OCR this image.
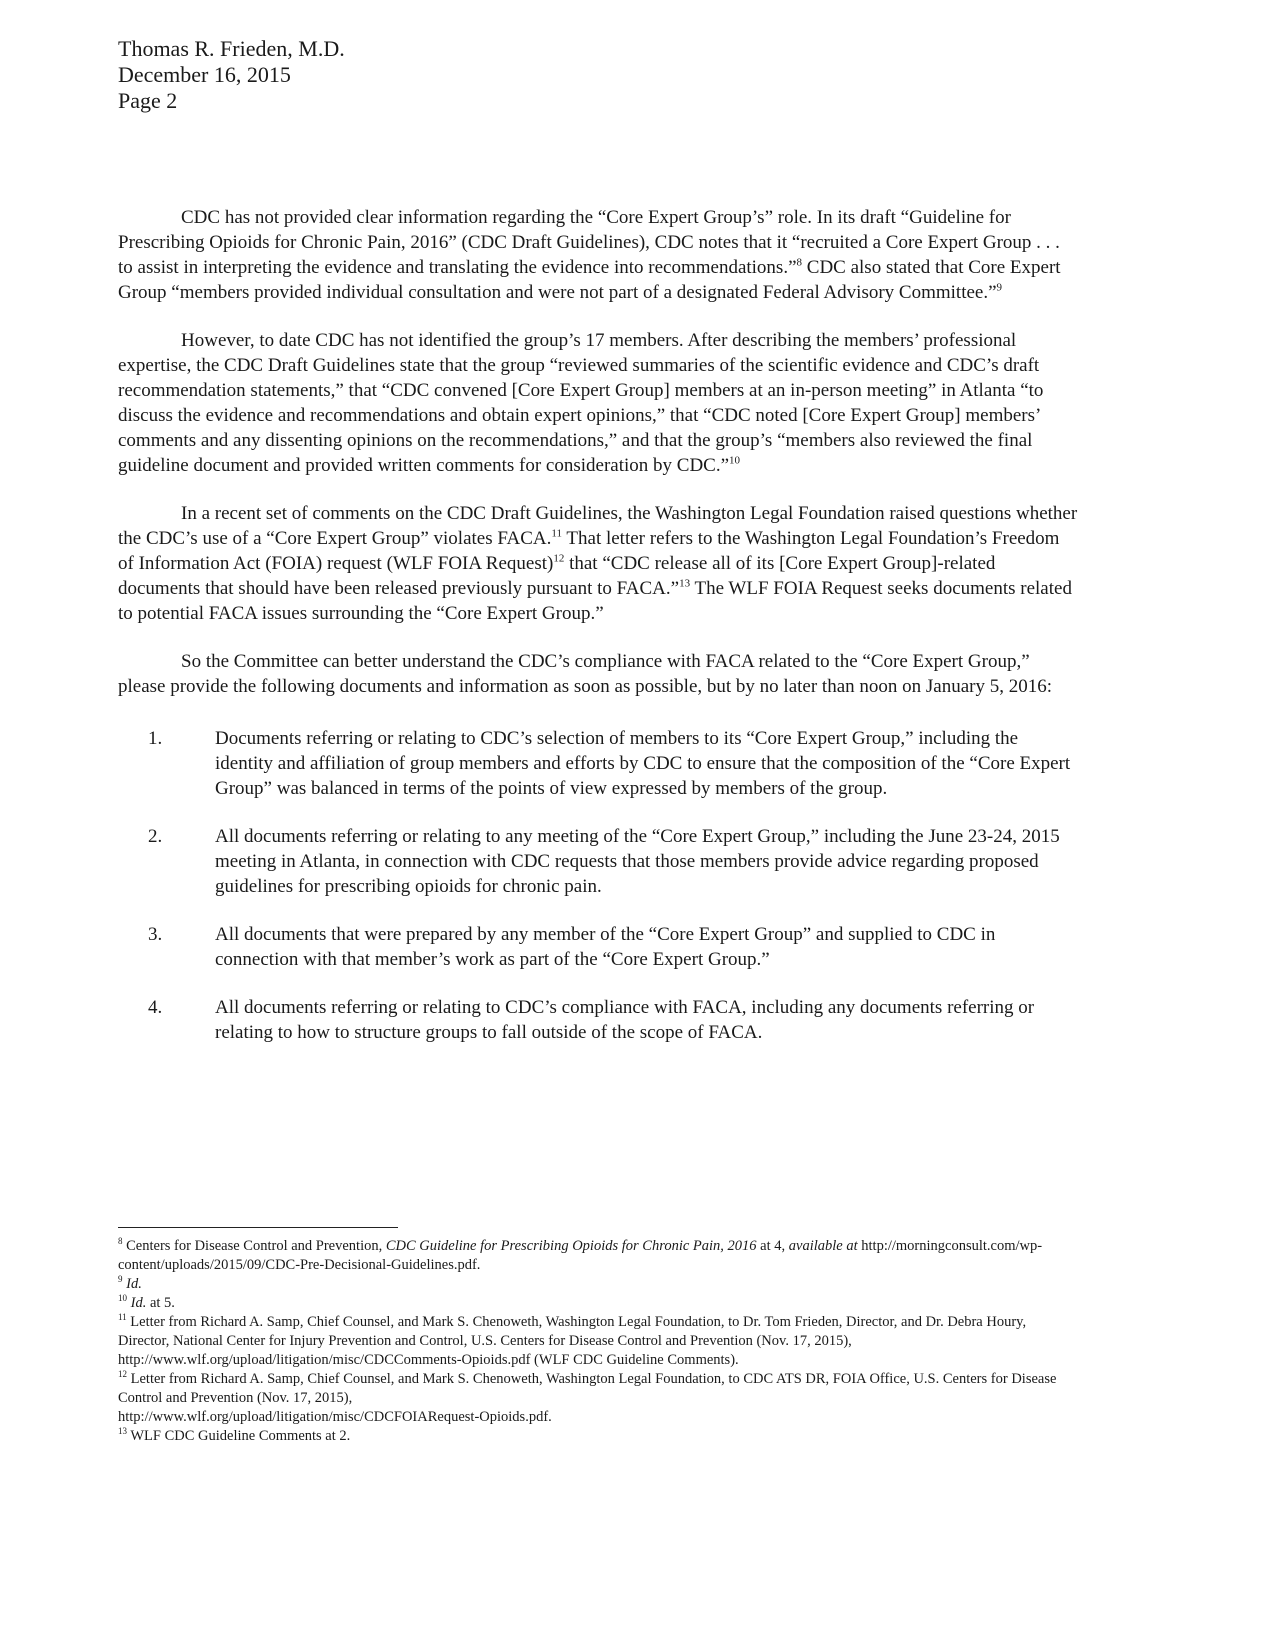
Thomas R. Frieden, M.D.
December 16, 2015
Page 2

CDC has not provided clear information regarding the “Core Expert Group’s” role. In its draft “Guideline for Prescribing Opioids for Chronic Pain, 2016” (CDC Draft Guidelines), CDC notes that it “recruited a Core Expert Group . . . to assist in interpreting the evidence and translating the evidence into recommendations.”$^8$ CDC also stated that Core Expert Group “members provided individual consultation and were not part of a designated Federal Advisory Committee.”$^9$

However, to date CDC has not identified the group’s 17 members. After describing the members’ professional expertise, the CDC Draft Guidelines state that the group “reviewed summaries of the scientific evidence and CDC’s draft recommendation statements,” that “CDC convened [Core Expert Group] members at an in-person meeting” in Atlanta “to discuss the evidence and recommendations and obtain expert opinions,” that “CDC noted [Core Expert Group] members’ comments and any dissenting opinions on the recommendations,” and that the group’s “members also reviewed the final guideline document and provided written comments for consideration by CDC.”$^{10}$

In a recent set of comments on the CDC Draft Guidelines, the Washington Legal Foundation raised questions whether the CDC’s use of a “Core Expert Group” violates FACA.$^{11}$ That letter refers to the Washington Legal Foundation’s Freedom of Information Act (FOIA) request (WLF FOIA Request)$^{12}$ that “CDC release all of its [Core Expert Group]-related documents that should have been released previously pursuant to FACA.”$^{13}$ The WLF FOIA Request seeks documents related to potential FACA issues surrounding the “Core Expert Group.”

So the Committee can better understand the CDC’s compliance with FACA related to the “Core Expert Group,” please provide the following documents and information as soon as possible, but by no later than noon on January 5, 2016:

1.	Documents referring or relating to CDC’s selection of members to its “Core Expert Group,” including the identity and affiliation of group members and efforts by CDC to ensure that the composition of the “Core Expert Group” was balanced in terms of the points of view expressed by members of the group.
2.	All documents referring or relating to any meeting of the “Core Expert Group,” including the June 23-24, 2015 meeting in Atlanta, in connection with CDC requests that those members provide advice regarding proposed guidelines for prescribing opioids for chronic pain.
3.	All documents that were prepared by any member of the “Core Expert Group” and supplied to CDC in connection with that member’s work as part of the “Core Expert Group.”
4.	All documents referring or relating to CDC’s compliance with FACA, including any documents referring or relating to how to structure groups to fall outside of the scope of FACA.

$^8$ Centers for Disease Control and Prevention, CDC Guideline for Prescribing Opioids for Chronic Pain, 2016 at 4, available at http://morningconsult.com/wp-content/uploads/2015/09/CDC-Pre-Decisional-Guidelines.pdf.

$^9$ Id.

$^{10}$ Id. at 5.

$^{11}$ Letter from Richard A. Samp, Chief Counsel, and Mark S. Chenoweth, Washington Legal Foundation, to Dr. Tom Frieden, Director, and Dr. Debra Houry, Director, National Center for Injury Prevention and Control, U.S. Centers for Disease Control and Prevention (Nov. 17, 2015), http://www.wlf.org/upload/litigation/misc/CDCComments-Opioids.pdf (WLF CDC Guideline Comments).

$^{12}$ Letter from Richard A. Samp, Chief Counsel, and Mark S. Chenoweth, Washington Legal Foundation, to CDC ATS DR, FOIA Office, U.S. Centers for Disease Control and Prevention (Nov. 17, 2015),
http://www.wlf.org/upload/litigation/misc/CDCFOIARequest-Opioids.pdf.

$^{13}$ WLF CDC Guideline Comments at 2.
